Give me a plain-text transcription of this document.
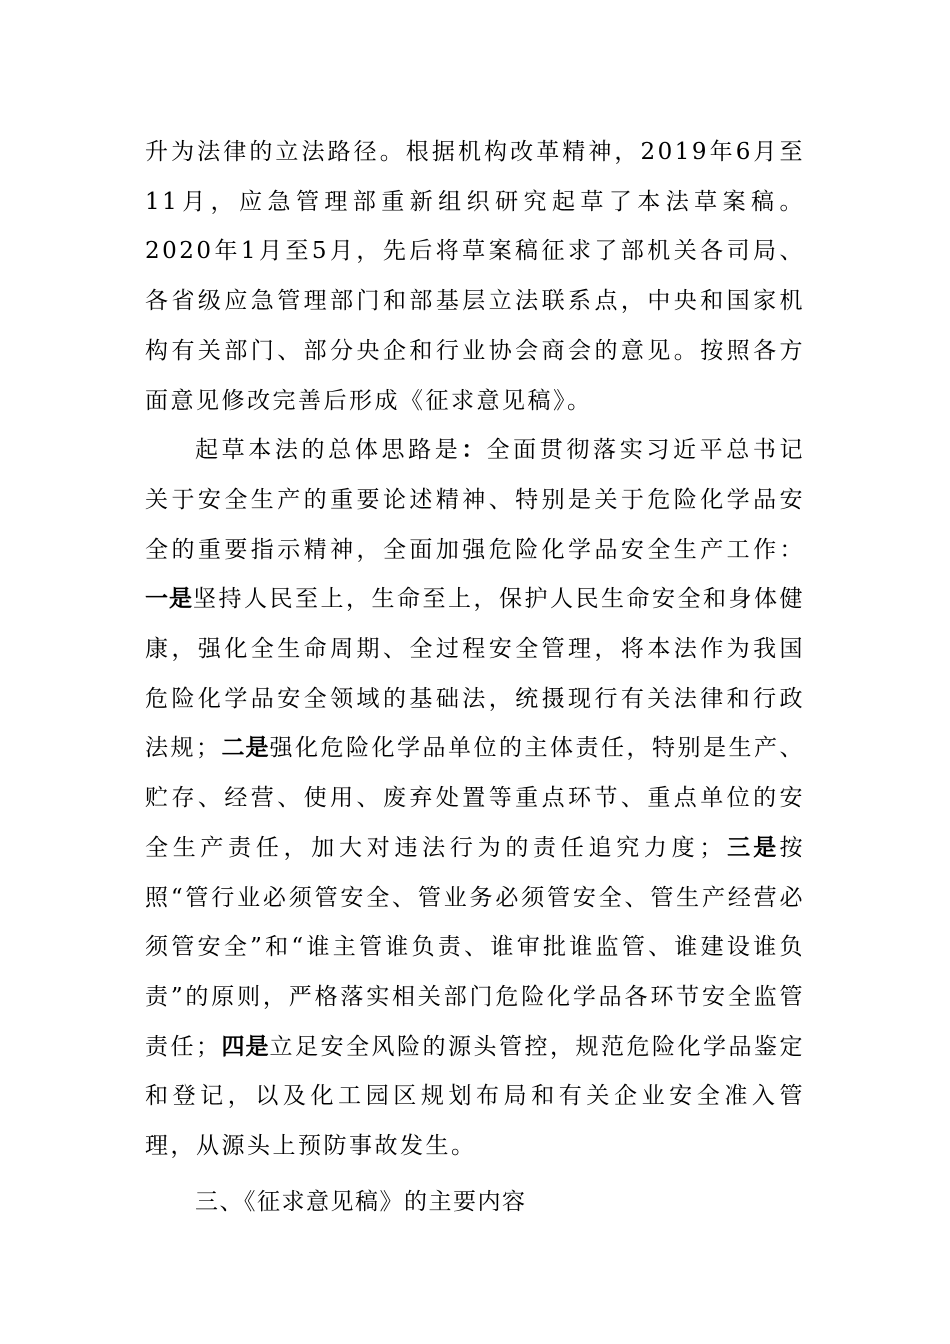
升为法律的立法路径。根据机构改革精神，2019年6月至11月，应急管理部重新组织研究起草了本法草案稿。2020年1月至5月，先后将草案稿征求了部机关各司局、各省级应急管理部门和部基层立法联系点，中央和国家机构有关部门、部分央企和行业协会商会的意见。按照各方面意见修改完善后形成《征求意见稿》。

起草本法的总体思路是：全面贯彻落实习近平总书记关于安全生产的重要论述精神、特别是关于危险化学品安全的重要指示精神，全面加强危险化学品安全生产工作：一是坚持人民至上，生命至上，保护人民生命安全和身体健康，强化全生命周期、全过程安全管理，将本法作为我国危险化学品安全领域的基础法，统摄现行有关法律和行政法规；二是强化危险化学品单位的主体责任，特别是生产、贮存、经营、使用、废弃处置等重点环节、重点单位的安全生产责任，加大对违法行为的责任追究力度；三是按照“管行业必须管安全、管业务必须管安全、管生产经营必须管安全”和“谁主管谁负责、谁审批谁监管、谁建设谁负责”的原则，严格落实相关部门危险化学品各环节安全监管责任；四是立足安全风险的源头管控，规范危险化学品鉴定和登记，以及化工园区规划布局和有关企业安全准入管理，从源头上预防事故发生。

三、《征求意见稿》的主要内容
